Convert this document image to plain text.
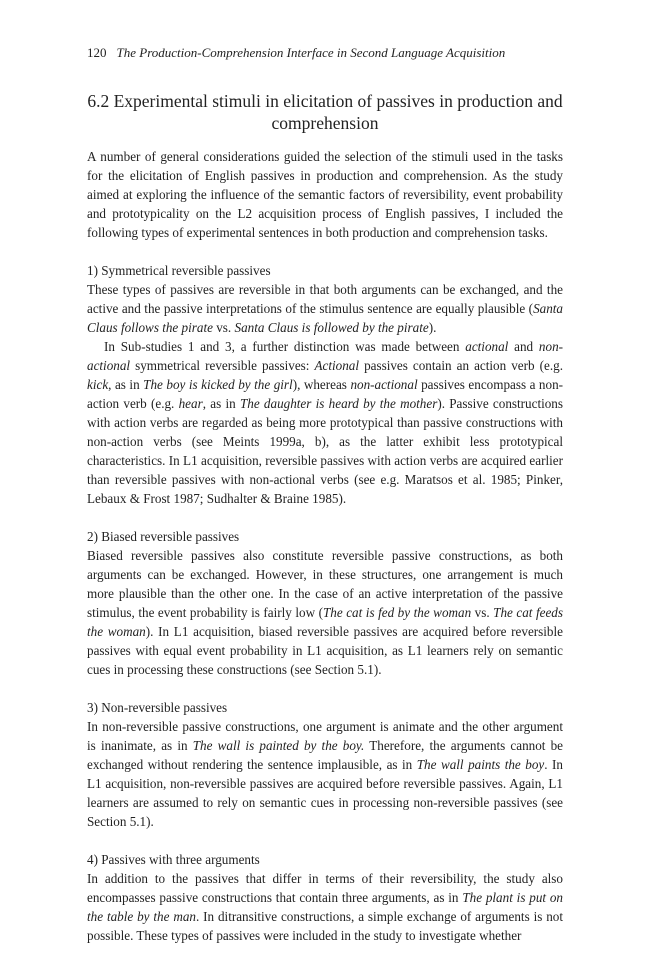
120 The Production-Comprehension Interface in Second Language Acquisition
6.2 Experimental stimuli in elicitation of passives in production and comprehension

A number of general considerations guided the selection of the stimuli used in the tasks for the elicitation of English passives in production and comprehension. As the study aimed at exploring the influence of the semantic factors of reversibility, event probability and prototypicality on the L2 acquisition process of English passives, I included the following types of experimental sentences in both production and comprehension tasks.

1) Symmetrical reversible passives

These types of passives are reversible in that both arguments can be exchanged, and the active and the passive interpretations of the stimulus sentence are equally plausible (Santa Claus follows the pirate vs. Santa Claus is followed by the pirate).

In Sub-studies 1 and 3, a further distinction was made between actional and non-actional symmetrical reversible passives: Actional passives contain an action verb (e.g. kick, as in The boy is kicked by the girl), whereas non-actional passives encompass a non-action verb (e.g. hear, as in The daughter is heard by the mother). Passive constructions with action verbs are regarded as being more prototypical than passive constructions with non-action verbs (see Meints 1999a, b), as the latter exhibit less prototypical characteristics. In L1 acquisition, reversible passives with action verbs are acquired earlier than reversible passives with non-actional verbs (see e.g. Maratsos et al. 1985; Pinker, Lebaux & Frost 1987; Sudhalter & Braine 1985).

2) Biased reversible passives

Biased reversible passives also constitute reversible passive constructions, as both arguments can be exchanged. However, in these structures, one arrangement is much more plausible than the other one. In the case of an active interpretation of the passive stimulus, the event probability is fairly low (The cat is fed by the woman vs. The cat feeds the woman). In L1 acquisition, biased reversible passives are acquired before reversible passives with equal event probability in L1 acquisition, as L1 learners rely on semantic cues in processing these constructions (see Section 5.1).

3) Non-reversible passives

In non-reversible passive constructions, one argument is animate and the other argument is inanimate, as in The wall is painted by the boy. Therefore, the arguments cannot be exchanged without rendering the sentence implausible, as in The wall paints the boy. In L1 acquisition, non-reversible passives are acquired before reversible passives. Again, L1 learners are assumed to rely on semantic cues in processing non-reversible passives (see Section 5.1).

4) Passives with three arguments

In addition to the passives that differ in terms of their reversibility, the study also encompasses passive constructions that contain three arguments, as in The plant is put on the table by the man. In ditransitive constructions, a simple exchange of arguments is not possible. These types of passives were included in the study to investigate whether
